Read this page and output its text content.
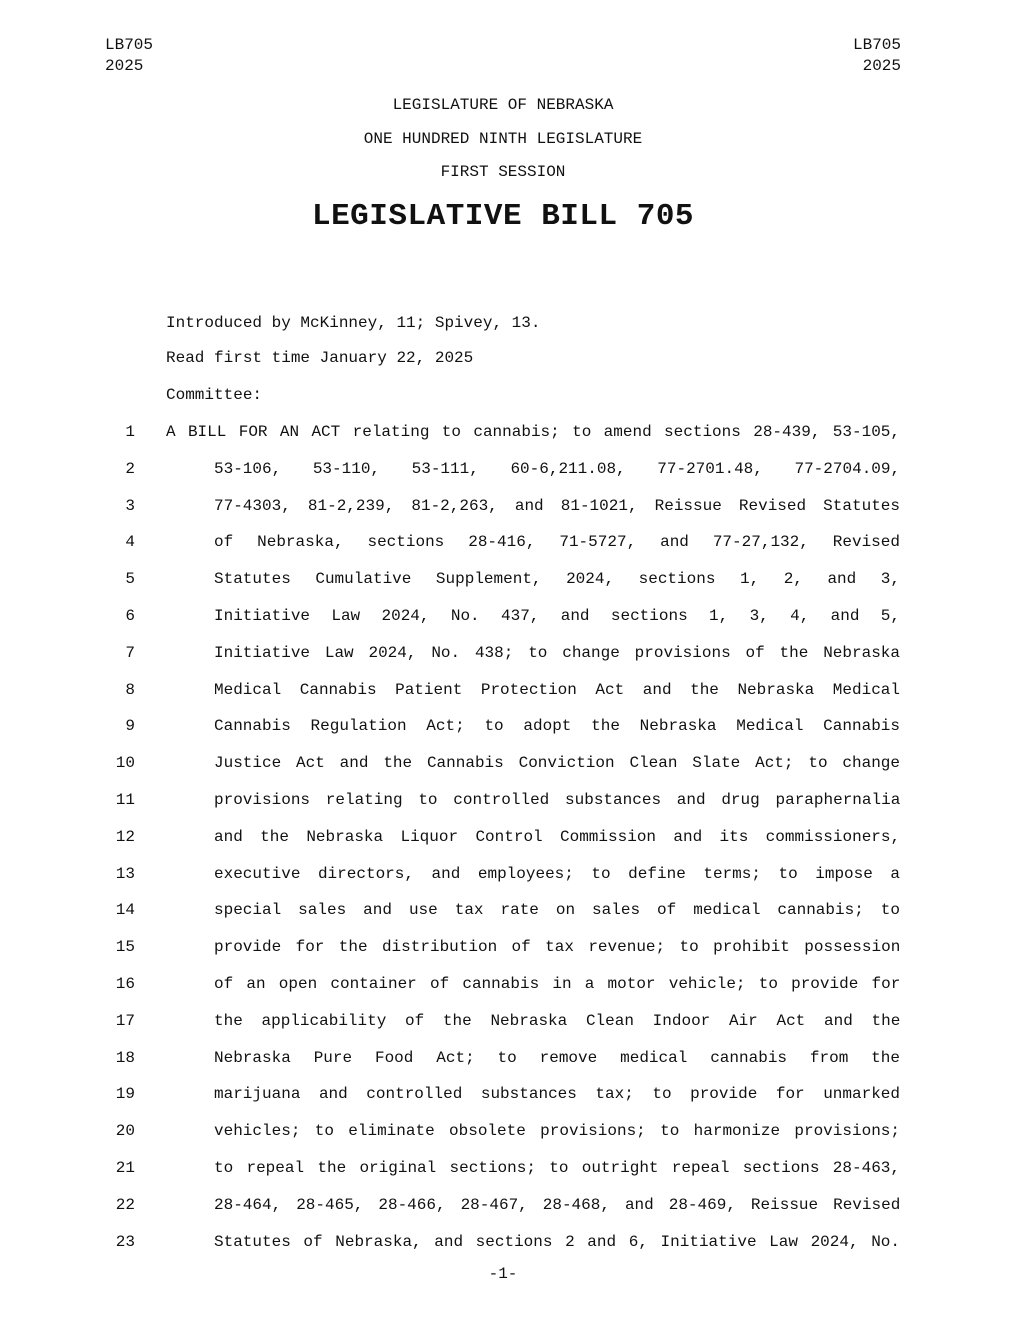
LB705
2025
LB705
2025
LEGISLATURE OF NEBRASKA
ONE HUNDRED NINTH LEGISLATURE
FIRST SESSION
LEGISLATIVE BILL 705
Introduced by McKinney, 11; Spivey, 13.
Read first time January 22, 2025
Committee:
1 A BILL FOR AN ACT relating to cannabis; to amend sections 28-439, 53-105,
2	53-106, 53-110, 53-111, 60-6,211.08, 77-2701.48, 77-2704.09,
3	77-4303, 81-2,239, 81-2,263, and 81-1021, Reissue Revised Statutes
4	of Nebraska, sections 28-416, 71-5727, and 77-27,132, Revised
5	Statutes Cumulative Supplement, 2024, sections 1, 2, and 3,
6	Initiative Law 2024, No. 437, and sections 1, 3, 4, and 5,
7	Initiative Law 2024, No. 438; to change provisions of the Nebraska
8	Medical Cannabis Patient Protection Act and the Nebraska Medical
9	Cannabis Regulation Act; to adopt the Nebraska Medical Cannabis
10	Justice Act and the Cannabis Conviction Clean Slate Act; to change
11	provisions relating to controlled substances and drug paraphernalia
12	and the Nebraska Liquor Control Commission and its commissioners,
13	executive directors, and employees; to define terms; to impose a
14	special sales and use tax rate on sales of medical cannabis; to
15	provide for the distribution of tax revenue; to prohibit possession
16	of an open container of cannabis in a motor vehicle; to provide for
17	the applicability of the Nebraska Clean Indoor Air Act and the
18	Nebraska Pure Food Act; to remove medical cannabis from the
19	marijuana and controlled substances tax; to provide for unmarked
20	vehicles; to eliminate obsolete provisions; to harmonize provisions;
21	to repeal the original sections; to outright repeal sections 28-463,
22	28-464, 28-465, 28-466, 28-467, 28-468, and 28-469, Reissue Revised
23	Statutes of Nebraska, and sections 2 and 6, Initiative Law 2024, No.
-1-
